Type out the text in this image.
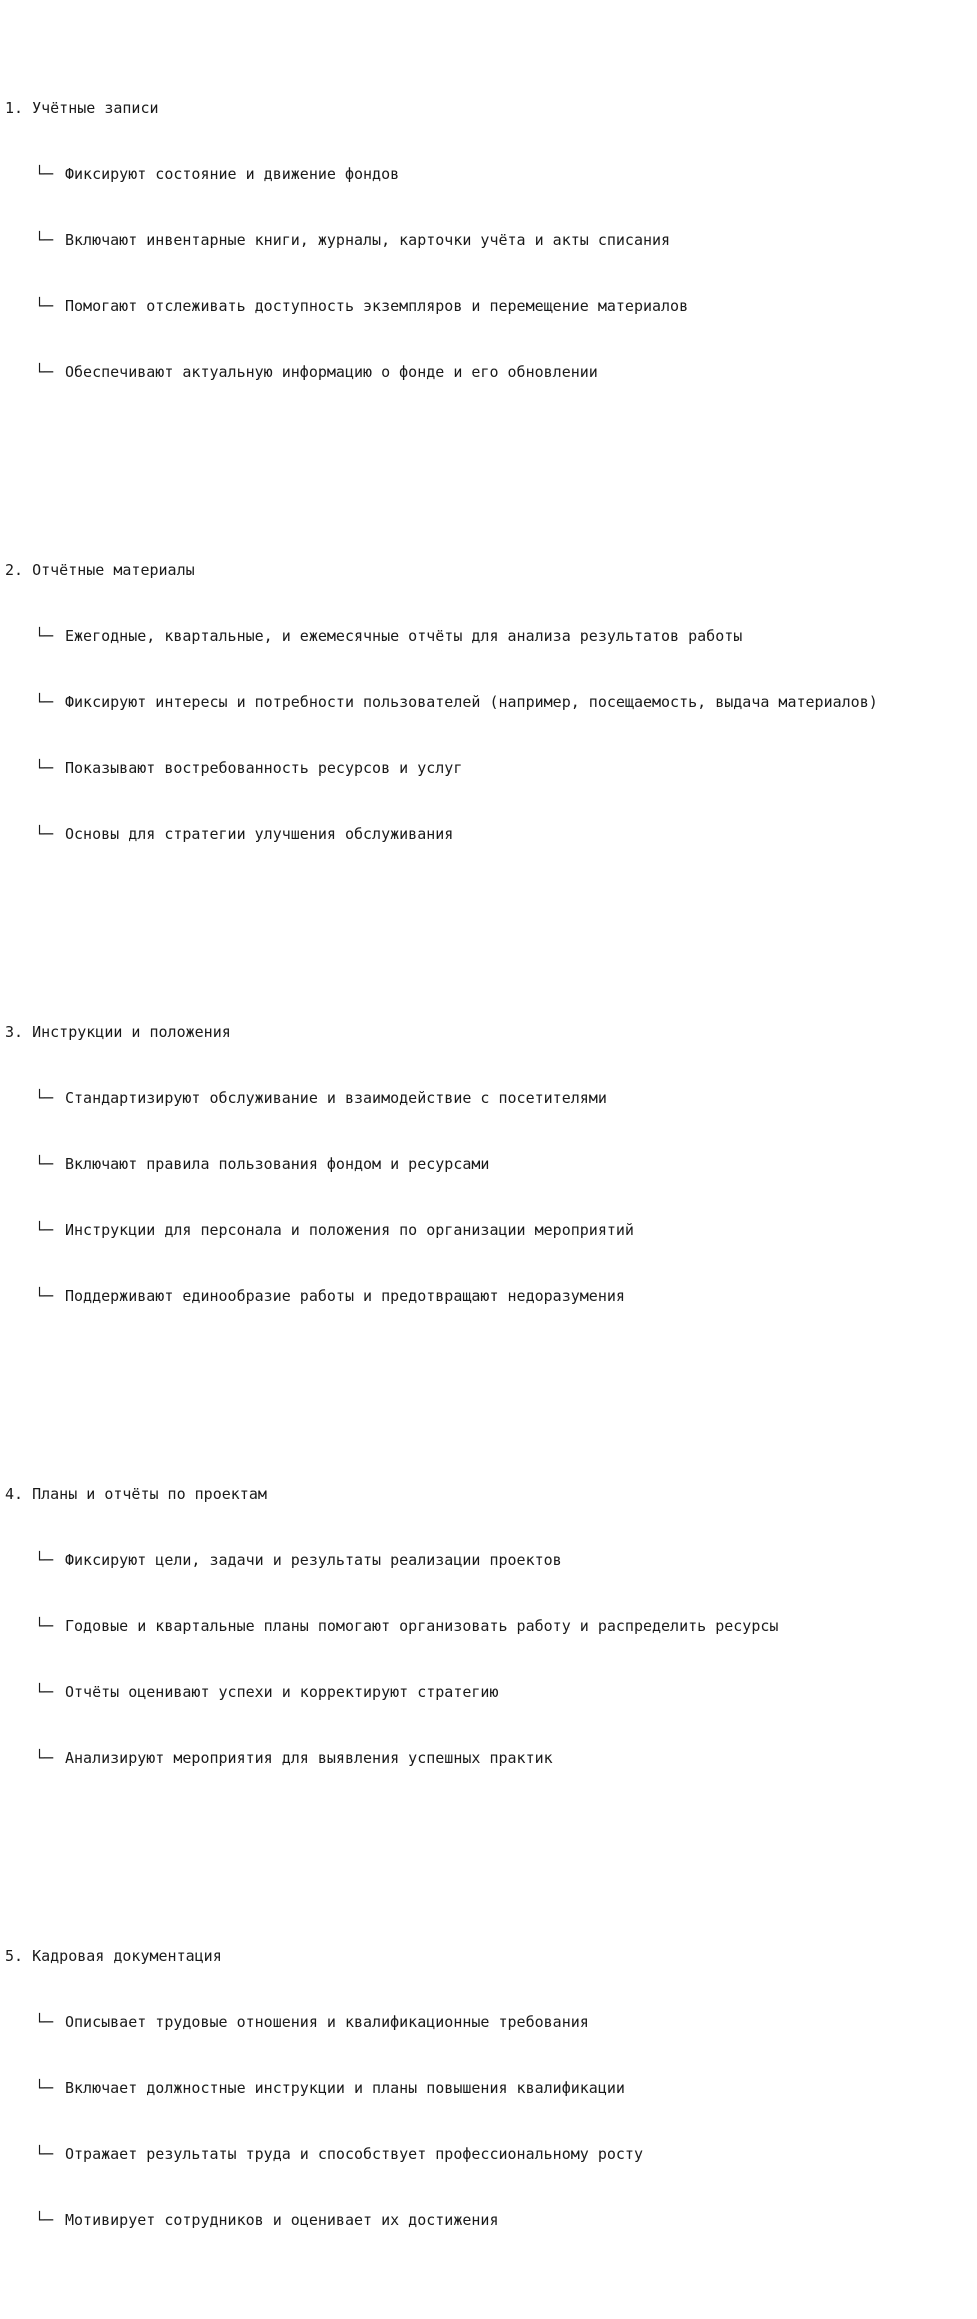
1. Учётные записи

└─ Фиксируют состояние и движение фондов

└─ Включают инвентарные книги, журналы, карточки учёта и акты списания

└─ Помогают отслеживать доступность экземпляров и перемещение материалов

└─ Обеспечивают актуальную информацию о фонде и его обновлении

2. Отчётные материалы

└─ Ежегодные, квартальные, и ежемесячные отчёты для анализа результатов работы

└─ Фиксируют интересы и потребности пользователей (например, посещаемость, выдача материалов)

└─ Показывают востребованность ресурсов и услуг

└─ Основы для стратегии улучшения обслуживания

3. Инструкции и положения

└─ Стандартизируют обслуживание и взаимодействие с посетителями

└─ Включают правила пользования фондом и ресурсами

└─ Инструкции для персонала и положения по организации мероприятий

└─ Поддерживают единообразие работы и предотвращают недоразумения

4. Планы и отчёты по проектам

└─ Фиксируют цели, задачи и результаты реализации проектов

└─ Годовые и квартальные планы помогают организовать работу и распределить ресурсы

└─ Отчёты оценивают успехи и корректируют стратегию

└─ Анализируют мероприятия для выявления успешных практик

5. Кадровая документация

└─ Описывает трудовые отношения и квалификационные требования

└─ Включает должностные инструкции и планы повышения квалификации

└─ Отражает результаты труда и способствует профессиональному росту

└─ Мотивирует сотрудников и оценивает их достижения
